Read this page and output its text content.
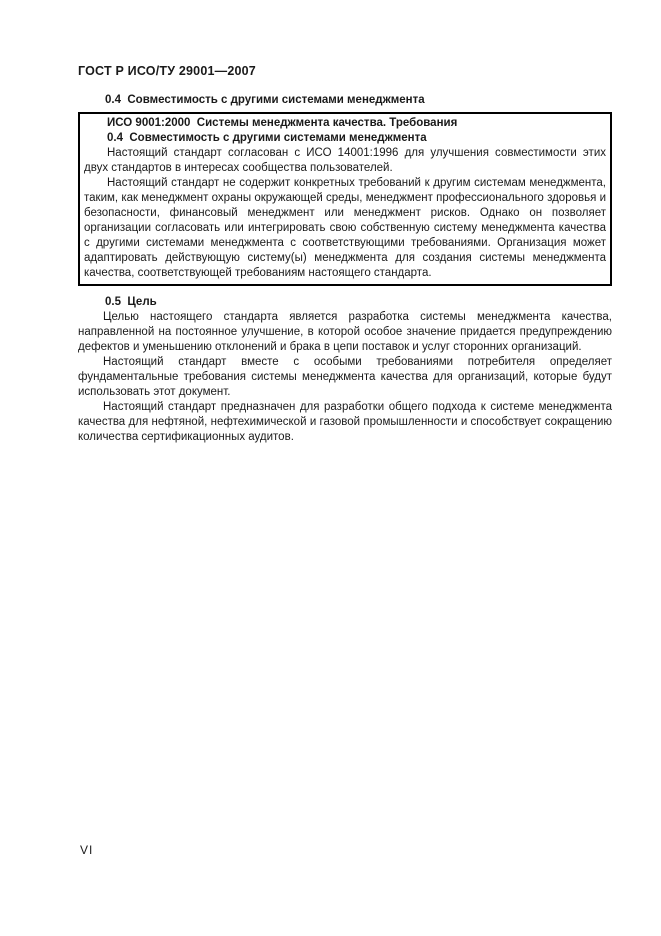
ГОСТ Р ИСО/ТУ 29001—2007
0.4  Совместимость с другими системами менеджмента
ИСО 9001:2000  Системы менеджмента качества. Требования
0.4  Совместимость с другими системами менеджмента

Настоящий стандарт согласован с ИСО 14001:1996 для улучшения совместимости этих двух стандартов в интересах сообщества пользователей.

Настоящий стандарт не содержит конкретных требований к другим системам менеджмента, таким, как менеджмент охраны окружающей среды, менеджмент профессионального здоровья и безопасности, финансовый менеджмент или менеджмент рисков. Однако он позволяет организации согласовать или интегрировать свою собственную систему менеджмента качества с другими системами менеджмента с соответствующими требованиями. Организация может адаптировать действующую систему(ы) менеджмента для создания системы менеджмента качества, соответствующей требованиям настоящего стандарта.

0.5  Цель

Целью настоящего стандарта является разработка системы менеджмента качества, направленной на постоянное улучшение, в которой особое значение придается предупреждению дефектов и уменьшению отклонений и брака в цепи поставок и услуг сторонних организаций.

Настоящий стандарт вместе с особыми требованиями потребителя определяет фундаментальные требования системы менеджмента качества для организаций, которые будут использовать этот документ.

Настоящий стандарт предназначен для разработки общего подхода к системе менеджмента качества для нефтяной, нефтехимической и газовой промышленности и способствует сокращению количества сертификационных аудитов.

VI
